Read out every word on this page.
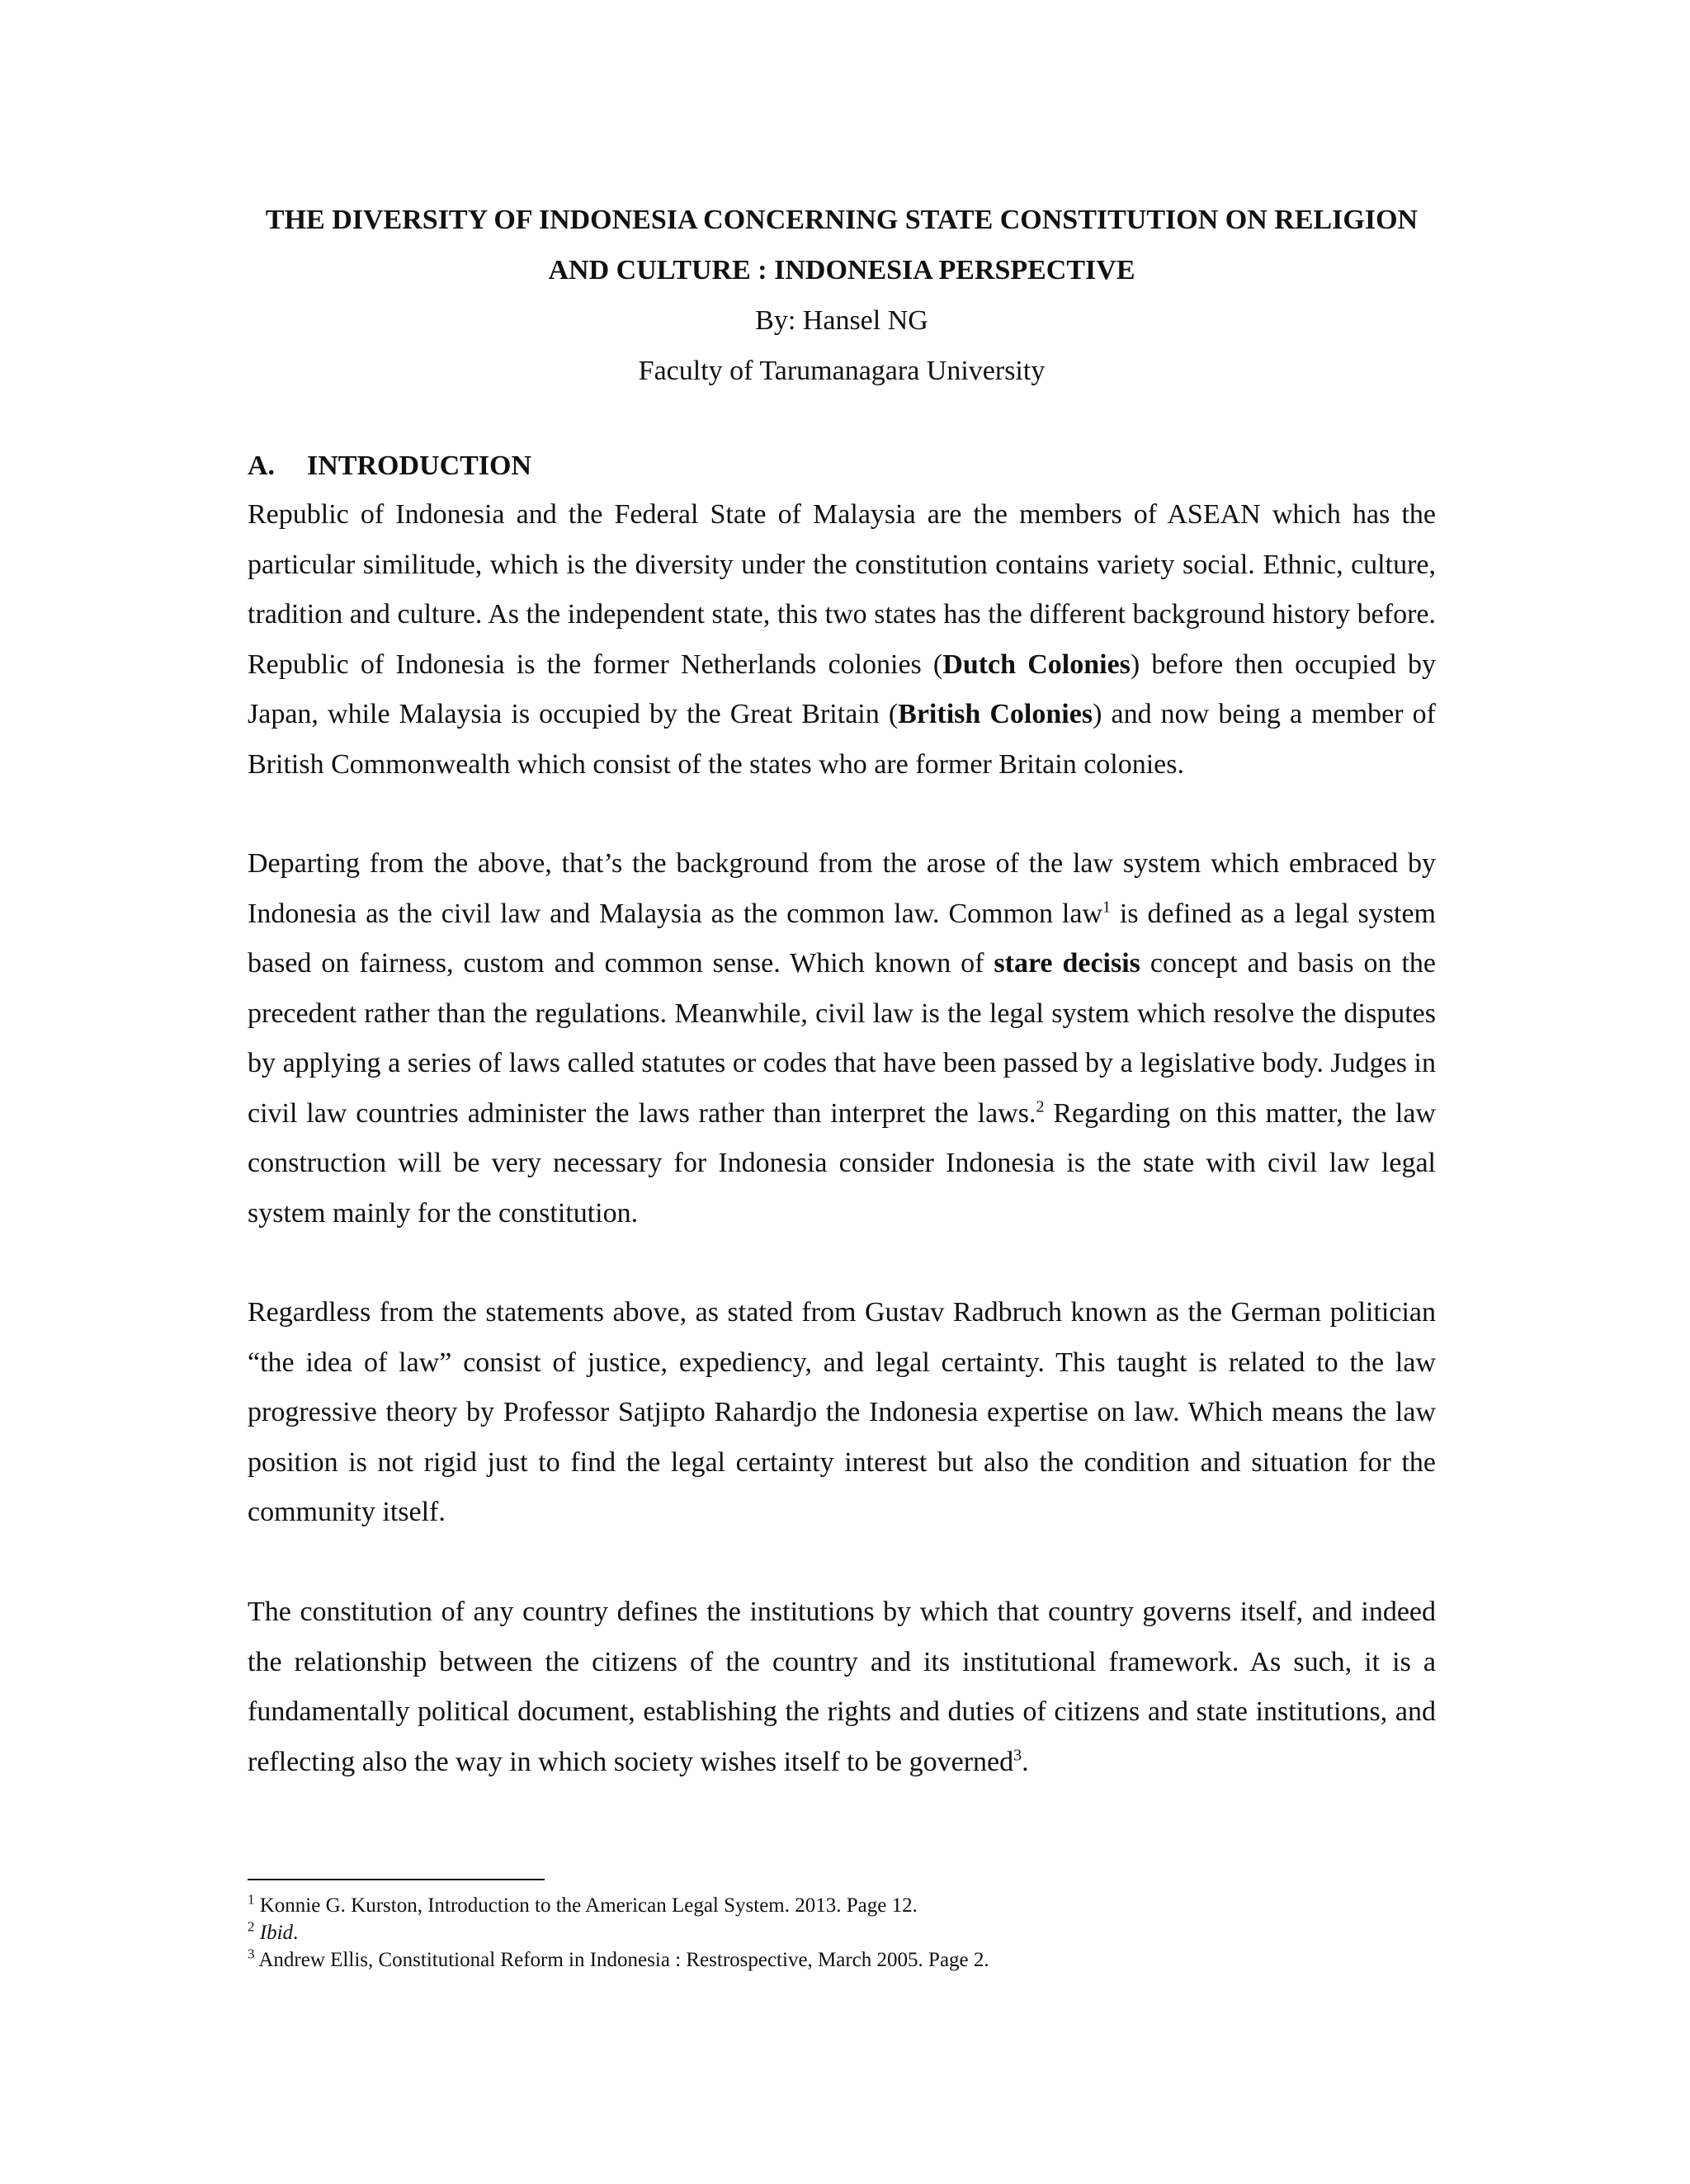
THE DIVERSITY OF INDONESIA CONCERNING STATE CONSTITUTION ON RELIGION
AND CULTURE : INDONESIA PERSPECTIVE
By: Hansel NG
Faculty of Tarumanagara University
A. INTRODUCTION

Republic of Indonesia and the Federal State of Malaysia are the members of ASEAN which has the particular similitude, which is the diversity under the constitution contains variety social. Ethnic, culture, tradition and culture. As the independent state, this two states has the different background history before. Republic of Indonesia is the former Netherlands colonies (Dutch Colonies) before then occupied by Japan, while Malaysia is occupied by the Great Britain (British Colonies) and now being a member of British Commonwealth which consist of the states who are former Britain colonies.

Departing from the above, that’s the background from the arose of the law system which embraced by Indonesia as the civil law and Malaysia as the common law. Common law$^1$ is defined as a legal system based on fairness, custom and common sense. Which known of stare decisis concept and basis on the precedent rather than the regulations. Meanwhile, civil law is the legal system which resolve the disputes by applying a series of laws called statutes or codes that have been passed by a legislative body. Judges in civil law countries administer the laws rather than interpret the laws.$^2$ Regarding on this matter, the law construction will be very necessary for Indonesia consider Indonesia is the state with civil law legal system mainly for the constitution.

Regardless from the statements above, as stated from Gustav Radbruch known as the German politician “the idea of law” consist of justice, expediency, and legal certainty. This taught is related to the law progressive theory by Professor Satjipto Rahardjo the Indonesia expertise on law. Which means the law position is not rigid just to find the legal certainty interest but also the condition and situation for the community itself.

The constitution of any country defines the institutions by which that country governs itself, and indeed the relationship between the citizens of the country and its institutional framework. As such, it is a fundamentally political document, establishing the rights and duties of citizens and state institutions, and reflecting also the way in which society wishes itself to be governed$^3$.

$^1$ Konnie G. Kurston, Introduction to the American Legal System. 2013. Page 12.
$^2$ Ibid.
$^3$ Andrew Ellis, Constitutional Reform in Indonesia : Restrospective, March 2005. Page 2.
